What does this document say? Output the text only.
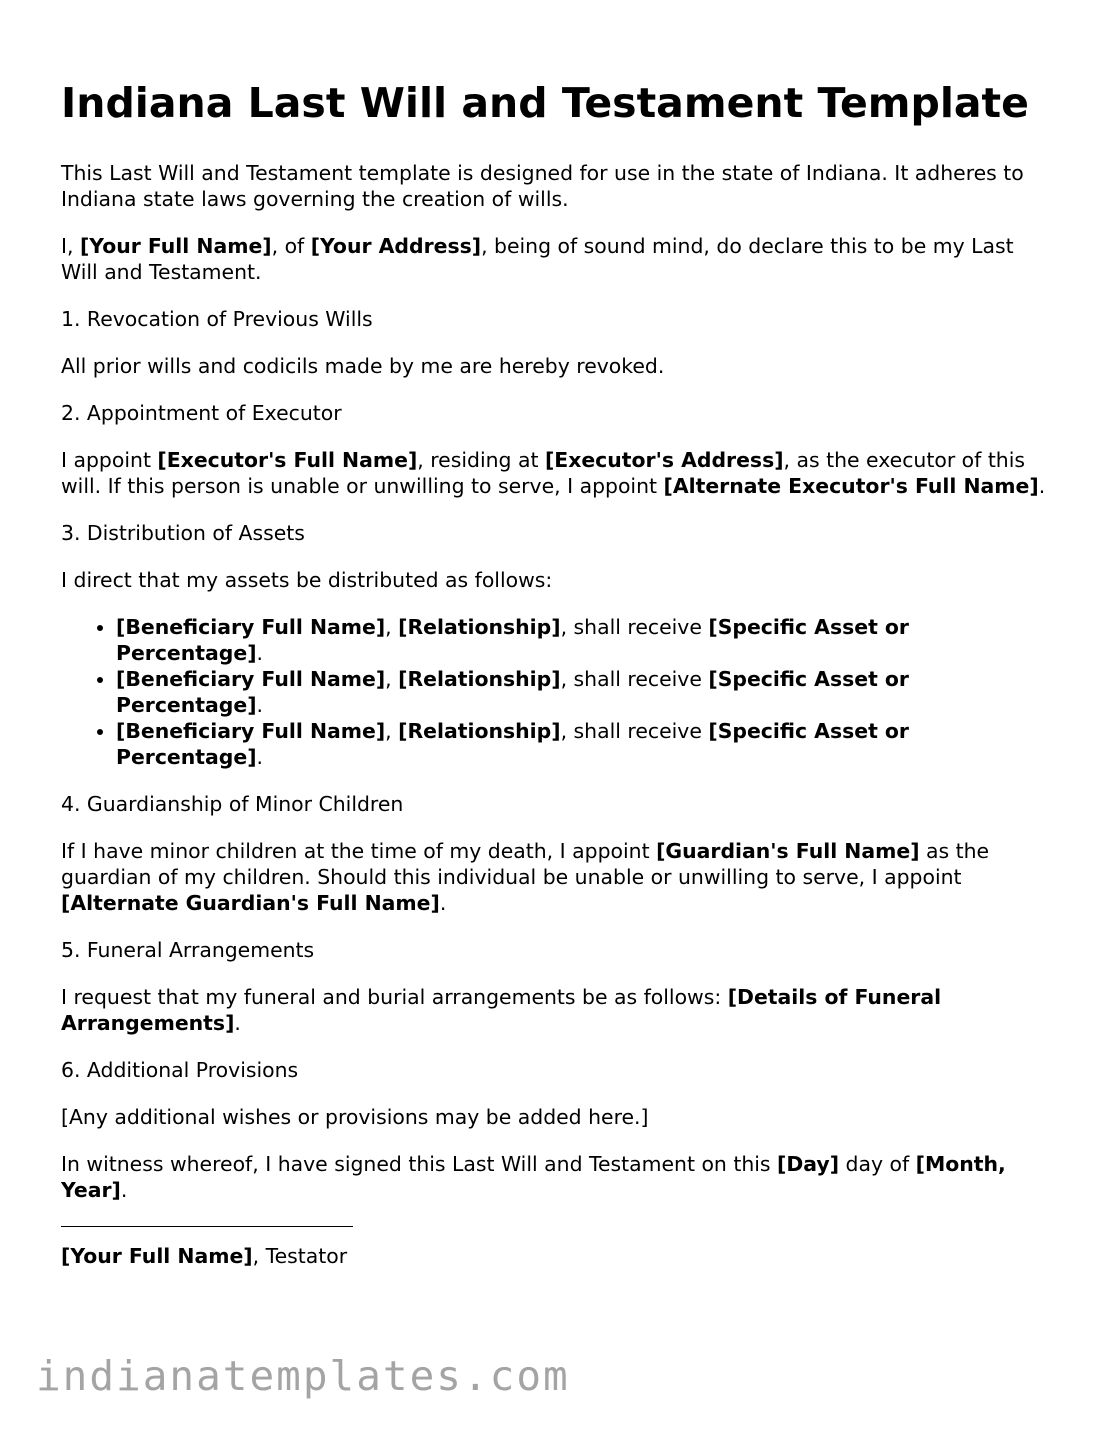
Indiana Last Will and Testament Template

This Last Will and Testament template is designed for use in the state of Indiana. It adheres to Indiana state laws governing the creation of wills.

I, [Your Full Name], of [Your Address], being of sound mind, do declare this to be my Last Will and Testament.

1. Revocation of Previous Wills

All prior wills and codicils made by me are hereby revoked.

2. Appointment of Executor

I appoint [Executor's Full Name], residing at [Executor's Address], as the executor of this will. If this person is unable or unwilling to serve, I appoint [Alternate Executor's Full Name].

3. Distribution of Assets

I direct that my assets be distributed as follows:

• [Beneficiary Full Name], [Relationship], shall receive [Specific Asset or Percentage].
• [Beneficiary Full Name], [Relationship], shall receive [Specific Asset or Percentage].
• [Beneficiary Full Name], [Relationship], shall receive [Specific Asset or Percentage].

4. Guardianship of Minor Children

If I have minor children at the time of my death, I appoint [Guardian's Full Name] as the guardian of my children. Should this individual be unable or unwilling to serve, I appoint [Alternate Guardian's Full Name].

5. Funeral Arrangements

I request that my funeral and burial arrangements be as follows: [Details of Funeral Arrangements].

6. Additional Provisions

[Any additional wishes or provisions may be added here.]

In witness whereof, I have signed this Last Will and Testament on this [Day] day of [Month, Year].

[Your Full Name], Testator

indianatemplates.com
